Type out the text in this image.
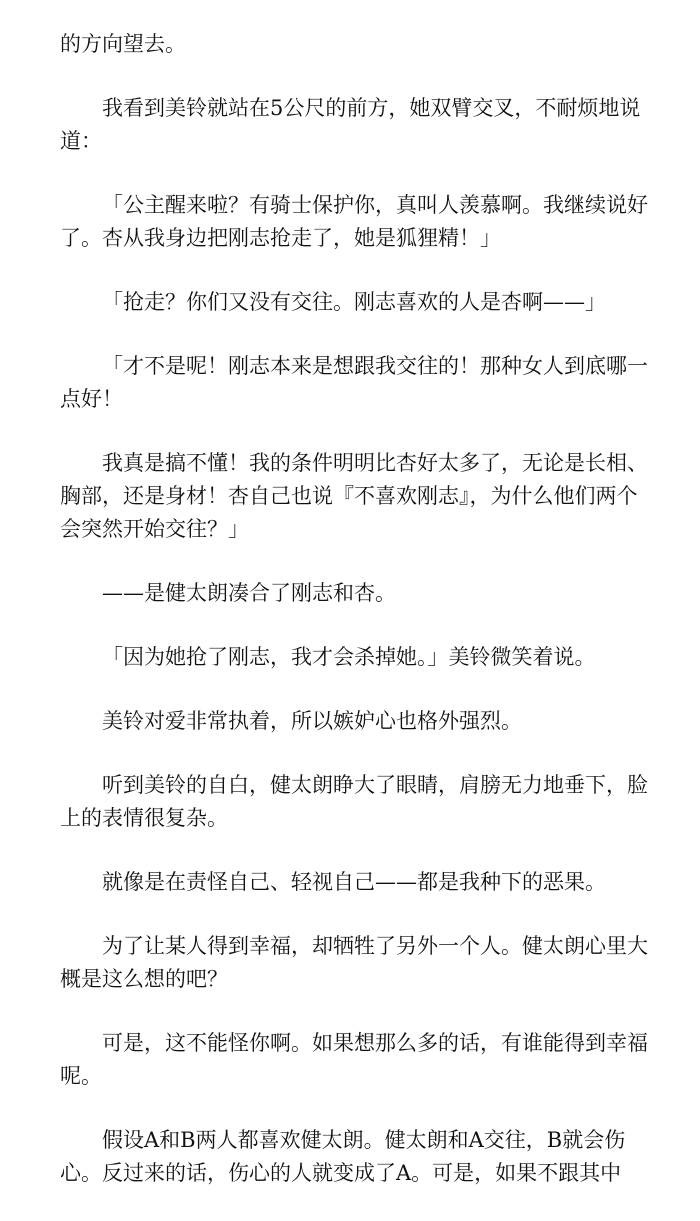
的方向望去。

我看到美铃就站在5公尺的前方，她双臂交叉，不耐烦地说道：

「公主醒来啦？有骑士保护你，真叫人羡慕啊。我继续说好了。杏从我身边把刚志抢走了，她是狐狸精！」

「抢走？你们又没有交往。刚志喜欢的人是杏啊——」

「才不是呢！刚志本来是想跟我交往的！那种女人到底哪一点好！

我真是搞不懂！我的条件明明比杏好太多了，无论是长相、胸部，还是身材！杏自己也说『不喜欢刚志』，为什么他们两个会突然开始交往？」

——是健太朗凑合了刚志和杏。

「因为她抢了刚志，我才会杀掉她。」美铃微笑着说。

美铃对爱非常执着，所以嫉妒心也格外强烈。

听到美铃的自白，健太朗睁大了眼睛，肩膀无力地垂下，脸上的表情很复杂。

就像是在责怪自己、轻视自己——都是我种下的恶果。

为了让某人得到幸福，却牺牲了另外一个人。健太朗心里大概是这么想的吧？

可是，这不能怪你啊。如果想那么多的话，有谁能得到幸福呢。

假设A和B两人都喜欢健太朗。健太朗和A交往，B就会伤心。反过来的话，伤心的人就变成了A。可是，如果不跟其中
